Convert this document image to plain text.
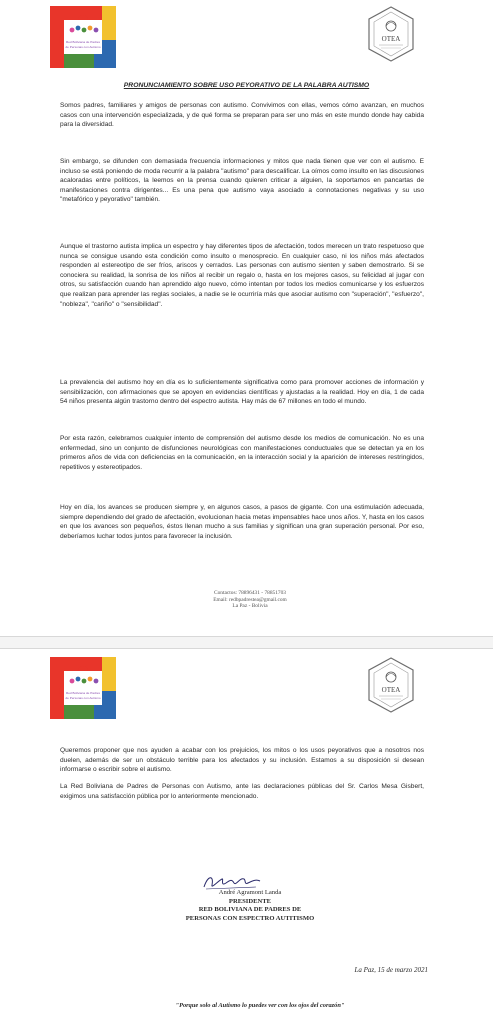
Red Boliviana de Padres
de Personas con Autismo
OTEA
PRONUNCIAMIENTO SOBRE USO PEYORATIVO DE LA PALABRA AUTISMO

Somos padres, familiares y amigos de personas con autismo. Convivimos con ellas, vemos cómo avanzan, en muchos casos con una intervención especializada, y de qué forma se preparan para ser uno más en este mundo donde hay cabida para la diversidad.

Sin embargo, se difunden con demasiada frecuencia informaciones y mitos que nada tienen que ver con el autismo. E incluso se está poniendo de moda recurrir a la palabra "autismo" para descalificar. La oímos como insulto en las discusiones acaloradas entre políticos, la leemos en la prensa cuando quieren criticar a alguien, la soportamos en pancartas de manifestaciones contra dirigentes... Es una pena que autismo vaya asociado a connotaciones negativas y su uso "metafórico y peyorativo" también.

Aunque el trastorno autista implica un espectro y hay diferentes tipos de afectación, todos merecen un trato respetuoso que nunca se consigue usando esta condición como insulto o menosprecio. En cualquier caso, ni los niños más afectados responden al estereotipo de ser fríos, ariscos y cerrados. Las personas con autismo sienten y saben demostrarlo. Si se conociera su realidad, la sonrisa de los niños al recibir un regalo o, hasta en los mejores casos, su felicidad al jugar con otros, su satisfacción cuando han aprendido algo nuevo, cómo intentan por todos los medios comunicarse y los esfuerzos que realizan para aprender las reglas sociales, a nadie se le ocurriría más que asociar autismo con "superación", "esfuerzo", "nobleza", "cariño" o "sensibilidad".

La prevalencia del autismo hoy en día es lo suficientemente significativa como para promover acciones de información y sensibilización, con afirmaciones que se apoyen en evidencias científicas y ajustadas a la realidad. Hoy en día, 1 de cada 54 niños presenta algún trastorno dentro del espectro autista. Hay más de 67 millones en todo el mundo.

Por esta razón, celebramos cualquier intento de comprensión del autismo desde los medios de comunicación. No es una enfermedad, sino un conjunto de disfunciones neurológicas con manifestaciones conductuales que se detectan ya en los primeros años de vida con deficiencias en la comunicación, en la interacción social y la aparición de intereses restringidos, repetitivos y estereotipados.

Hoy en día, los avances se producen siempre y, en algunos casos, a pasos de gigante. Con una estimulación adecuada, siempre dependiendo del grado de afectación, evolucionan hacia metas impensables hace unos años. Y, hasta en los casos en que los avances son pequeños, éstos llenan mucho a sus familias y significan una gran superación personal. Por eso, deberíamos luchar todos juntos para favorecer la inclusión.

Contactos: 78896431 - 78851703
Email: redbpadrestea@gmail.com
La Paz - Bolivia
Red Boliviana de Padres
de Personas con Autismo
OTEA

Queremos proponer que nos ayuden a acabar con los prejuicios, los mitos o los usos peyorativos que a nosotros nos duelen, además de ser un obstáculo terrible para los afectados y su inclusión. Estamos a su disposición si desean informarse o escribir sobre el autismo.

La Red Boliviana de Padres de Personas con Autismo, ante las declaraciones públicas del Sr. Carlos Mesa Gisbert, exigimos una satisfacción pública por lo anteriormente mencionado.

André Agramont Landa
PRESIDENTE
RED BOLIVIANA DE PADRES DE
PERSONAS CON ESPECTRO AUTITISMO
La Paz, 15 de marzo 2021
"Porque solo al Autismo lo puedes ver con los ojos del corazón"
